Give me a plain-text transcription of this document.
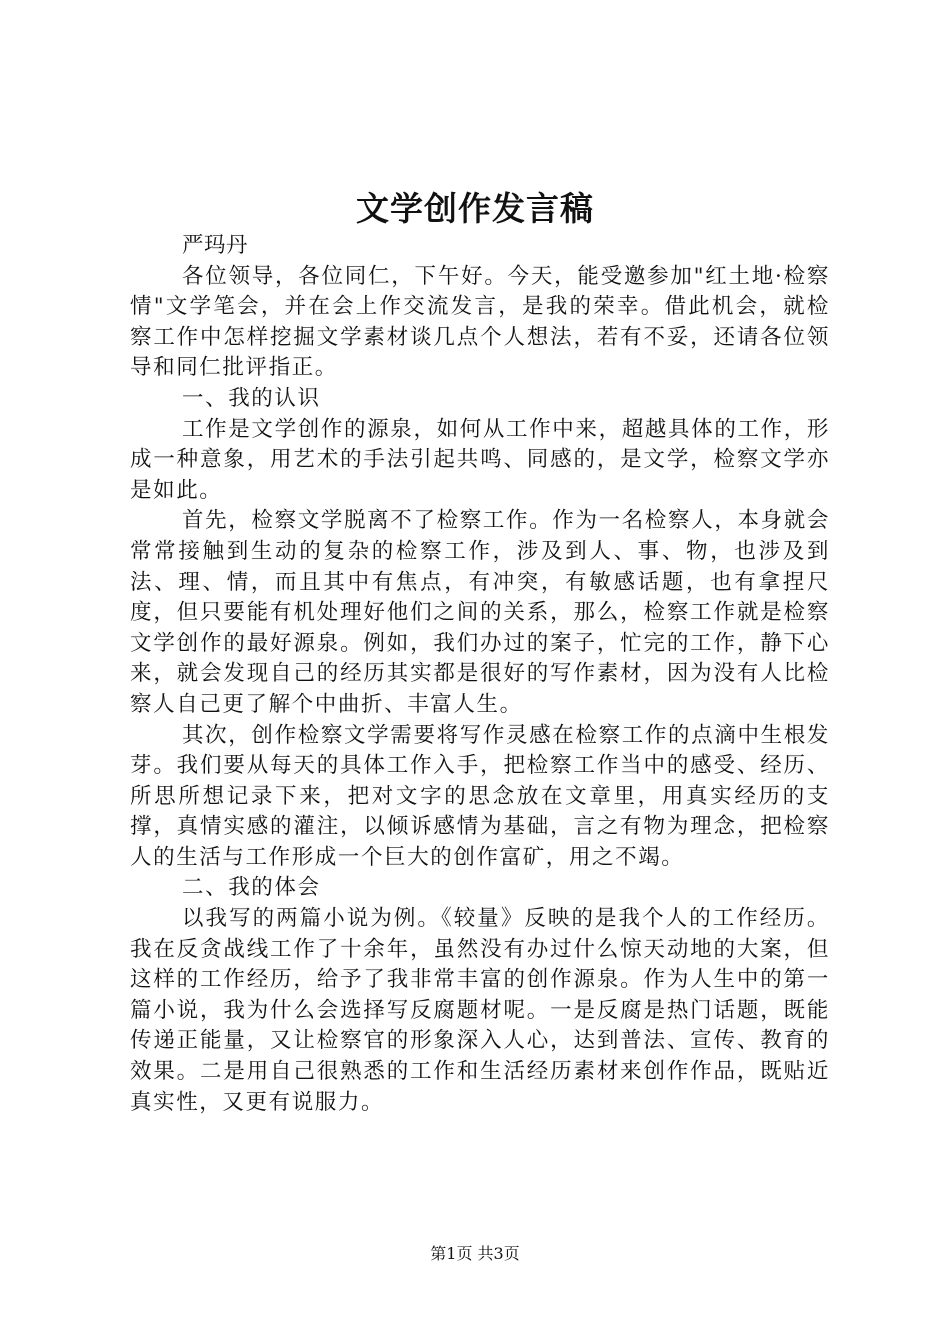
文学创作发言稿

严玛丹

各位领导，各位同仁，下午好。今天，能受邀参加"红土地·检察情"文学笔会，并在会上作交流发言，是我的荣幸。借此机会，就检察工作中怎样挖掘文学素材谈几点个人想法，若有不妥，还请各位领导和同仁批评指正。

一、我的认识

工作是文学创作的源泉，如何从工作中来，超越具体的工作，形成一种意象，用艺术的手法引起共鸣、同感的，是文学，检察文学亦是如此。

首先，检察文学脱离不了检察工作。作为一名检察人，本身就会常常接触到生动的复杂的检察工作，涉及到人、事、物，也涉及到法、理、情，而且其中有焦点，有冲突，有敏感话题，也有拿捏尺度，但只要能有机处理好他们之间的关系，那么，检察工作就是检察文学创作的最好源泉。例如，我们办过的案子，忙完的工作，静下心来，就会发现自己的经历其实都是很好的写作素材，因为没有人比检察人自己更了解个中曲折、丰富人生。

其次，创作检察文学需要将写作灵感在检察工作的点滴中生根发芽。我们要从每天的具体工作入手，把检察工作当中的感受、经历、所思所想记录下来，把对文字的思念放在文章里，用真实经历的支撑，真情实感的灌注，以倾诉感情为基础，言之有物为理念，把检察人的生活与工作形成一个巨大的创作富矿，用之不竭。

二、我的体会

以我写的两篇小说为例。《较量》反映的是我个人的工作经历。我在反贪战线工作了十余年，虽然没有办过什么惊天动地的大案，但这样的工作经历，给予了我非常丰富的创作源泉。作为人生中的第一篇小说，我为什么会选择写反腐题材呢。一是反腐是热门话题，既能传递正能量，又让检察官的形象深入人心，达到普法、宣传、教育的效果。二是用自己很熟悉的工作和生活经历素材来创作作品，既贴近真实性，又更有说服力。

第1页 共3页
